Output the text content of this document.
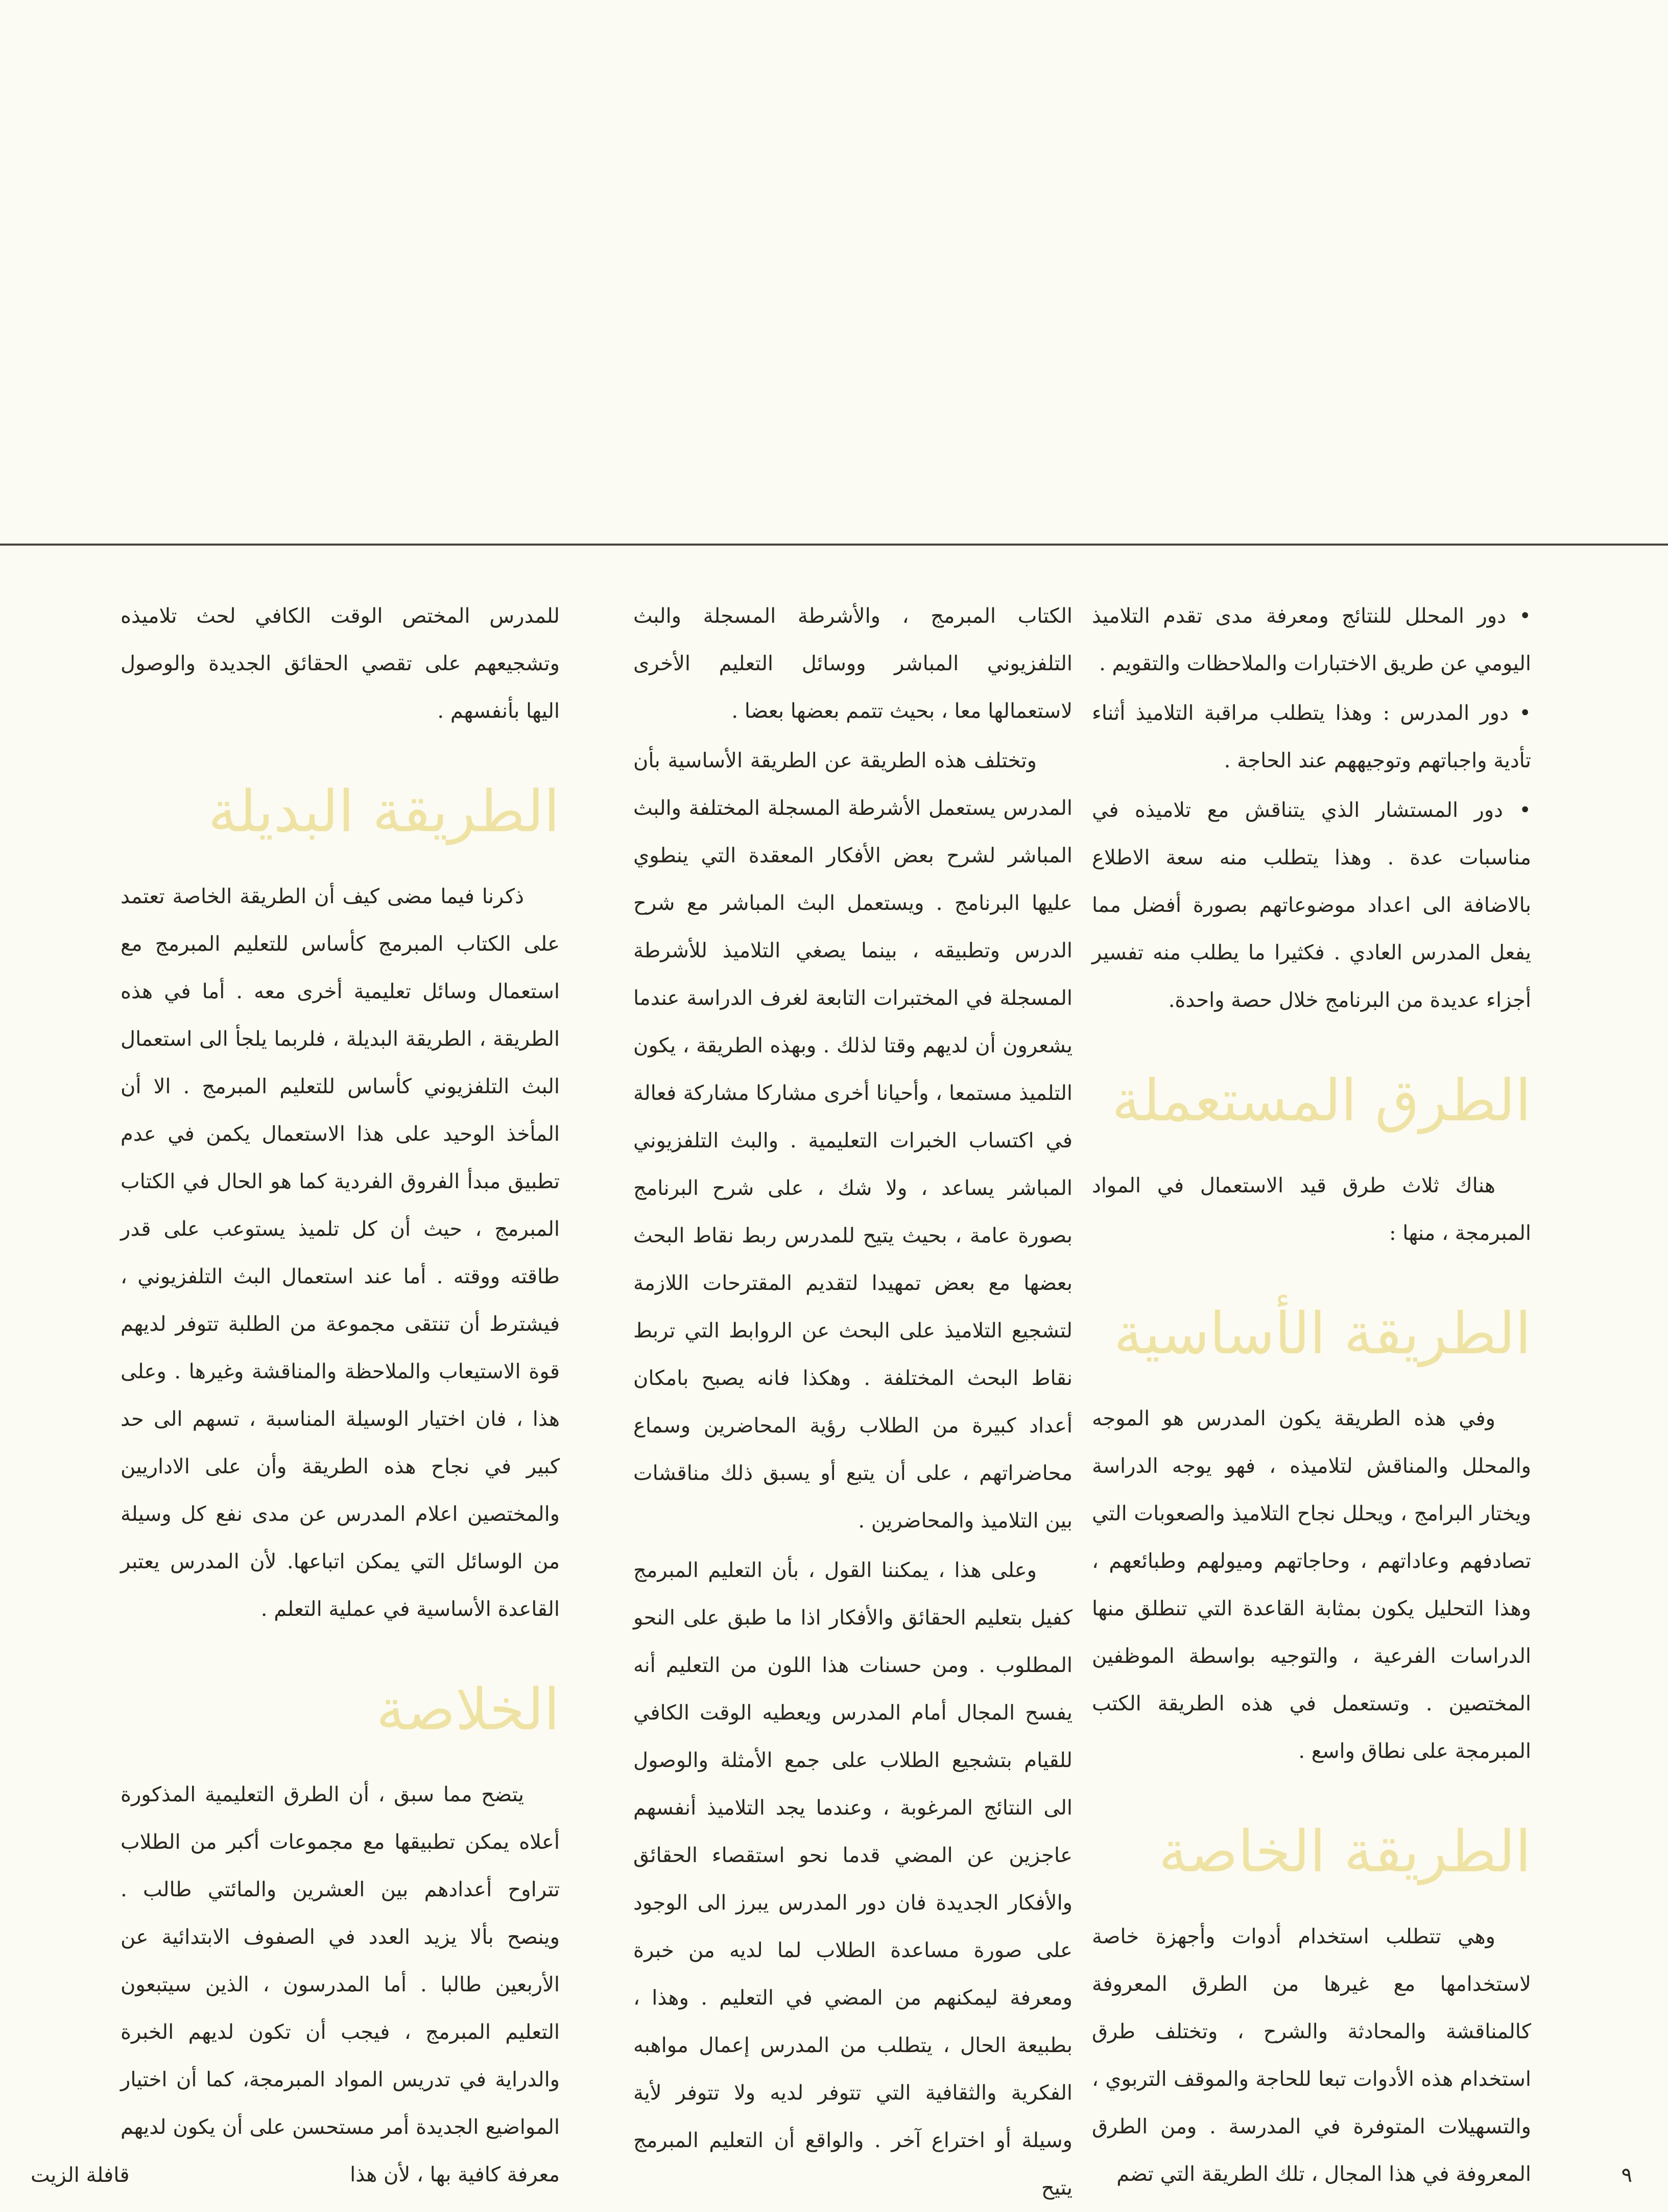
• دور المحلل للنتائج ومعرفة مدى تقدم التلاميذ اليومي عن طريق الاختبارات والملاحظات والتقويم .

• دور المدرس : وهذا يتطلب مراقبة التلاميذ أثناء تأدية واجباتهم وتوجيههم عند الحاجة .

• دور المستشار الذي يتناقش مع تلاميذه في مناسبات عدة . وهذا يتطلب منه سعة الاطلاع بالاضافة الى اعداد موضوعاتهم بصورة أفضل مما يفعل المدرس العادي . فكثيرا ما يطلب منه تفسير أجزاء عديدة من البرنامج خلال حصة واحدة.

الطرق المستعملة

هناك ثلاث طرق قيد الاستعمال في المواد المبرمجة ، منها :

الطريقة الأساسية

وفي هذه الطريقة يكون المدرس هو الموجه والمحلل والمناقش لتلاميذه ، فهو يوجه الدراسة ويختار البرامج ، ويحلل نجاح التلاميذ والصعوبات التي تصادفهم وعاداتهم ، وحاجاتهم وميولهم وطبائعهم ، وهذا التحليل يكون بمثابة القاعدة التي تنطلق منها الدراسات الفرعية ، والتوجيه بواسطة الموظفين المختصين . وتستعمل في هذه الطريقة الكتب المبرمجة على نطاق واسع .

الطريقة الخاصة

وهي تتطلب استخدام أدوات وأجهزة خاصة لاستخدامها مع غيرها من الطرق المعروفة كالمناقشة والمحادثة والشرح ، وتختلف طرق استخدام هذه الأدوات تبعا للحاجة والموقف التربوي ، والتسهيلات المتوفرة في المدرسة . ومن الطرق المعروفة في هذا المجال ، تلك الطريقة التي تضم

الكتاب المبرمج ، والأشرطة المسجلة والبث التلفزيوني المباشر ووسائل التعليم الأخرى لاستعمالها معا ، بحيث تتمم بعضها بعضا .

وتختلف هذه الطريقة عن الطريقة الأساسية بأن المدرس يستعمل الأشرطة المسجلة المختلفة والبث المباشر لشرح بعض الأفكار المعقدة التي ينطوي عليها البرنامج . ويستعمل البث المباشر مع شرح الدرس وتطبيقه ، بينما يصغي التلاميذ للأشرطة المسجلة في المختبرات التابعة لغرف الدراسة عندما يشعرون أن لديهم وقتا لذلك . وبهذه الطريقة ، يكون التلميذ مستمعا ، وأحيانا أخرى مشاركا مشاركة فعالة في اكتساب الخبرات التعليمية . والبث التلفزيوني المباشر يساعد ، ولا شك ، على شرح البرنامج بصورة عامة ، بحيث يتيح للمدرس ربط نقاط البحث بعضها مع بعض تمهيدا لتقديم المقترحات اللازمة لتشجيع التلاميذ على البحث عن الروابط التي تربط نقاط البحث المختلفة . وهكذا فانه يصبح بامكان أعداد كبيرة من الطلاب رؤية المحاضرين وسماع محاضراتهم ، على أن يتبع أو يسبق ذلك مناقشات بين التلاميذ والمحاضرين .

وعلى هذا ، يمكننا القول ، بأن التعليم المبرمج كفيل بتعليم الحقائق والأفكار اذا ما طبق على النحو المطلوب . ومن حسنات هذا اللون من التعليم أنه يفسح المجال أمام المدرس ويعطيه الوقت الكافي للقيام بتشجيع الطلاب على جمع الأمثلة والوصول الى النتائج المرغوبة ، وعندما يجد التلاميذ أنفسهم عاجزين عن المضي قدما نحو استقصاء الحقائق والأفكار الجديدة فان دور المدرس يبرز الى الوجود على صورة مساعدة الطلاب لما لديه من خبرة ومعرفة ليمكنهم من المضي في التعليم . وهذا ، بطبيعة الحال ، يتطلب من المدرس إعمال مواهبه الفكرية والثقافية التي تتوفر لديه ولا تتوفر لأية وسيلة أو اختراع آخر . والواقع أن التعليم المبرمج يتيح

للمدرس المختص الوقت الكافي لحث تلاميذه وتشجيعهم على تقصي الحقائق الجديدة والوصول اليها بأنفسهم .

الطريقة البديلة

ذكرنا فيما مضى كيف أن الطريقة الخاصة تعتمد على الكتاب المبرمج كأساس للتعليم المبرمج مع استعمال وسائل تعليمية أخرى معه . أما في هذه الطريقة ، الطريقة البديلة ، فلربما يلجأ الى استعمال البث التلفزيوني كأساس للتعليم المبرمج . الا أن المأخذ الوحيد على هذا الاستعمال يكمن في عدم تطبيق مبدأ الفروق الفردية كما هو الحال في الكتاب المبرمج ، حيث أن كل تلميذ يستوعب على قدر طاقته ووقته . أما عند استعمال البث التلفزيوني ، فيشترط أن تنتقى مجموعة من الطلبة تتوفر لديهم قوة الاستيعاب والملاحظة والمناقشة وغيرها . وعلى هذا ، فان اختيار الوسيلة المناسبة ، تسهم الى حد كبير في نجاح هذه الطريقة وأن على الاداريين والمختصين اعلام المدرس عن مدى نفع كل وسيلة من الوسائل التي يمكن اتباعها. لأن المدرس يعتبر القاعدة الأساسية في عملية التعلم .

الخلاصة

يتضح مما سبق ، أن الطرق التعليمية المذكورة أعلاه يمكن تطبيقها مع مجموعات أكبر من الطلاب تتراوح أعدادهم بين العشرين والمائتي طالب . وينصح بألا يزيد العدد في الصفوف الابتدائية عن الأربعين طالبا . أما المدرسون ، الذين سيتبعون التعليم المبرمج ، فيجب أن تكون لديهم الخبرة والدراية في تدريس المواد المبرمجة، كما أن اختيار المواضيع الجديدة أمر مستحسن على أن يكون لديهم معرفة كافية بها ، لأن هذا	٩
قافلة الزيت
